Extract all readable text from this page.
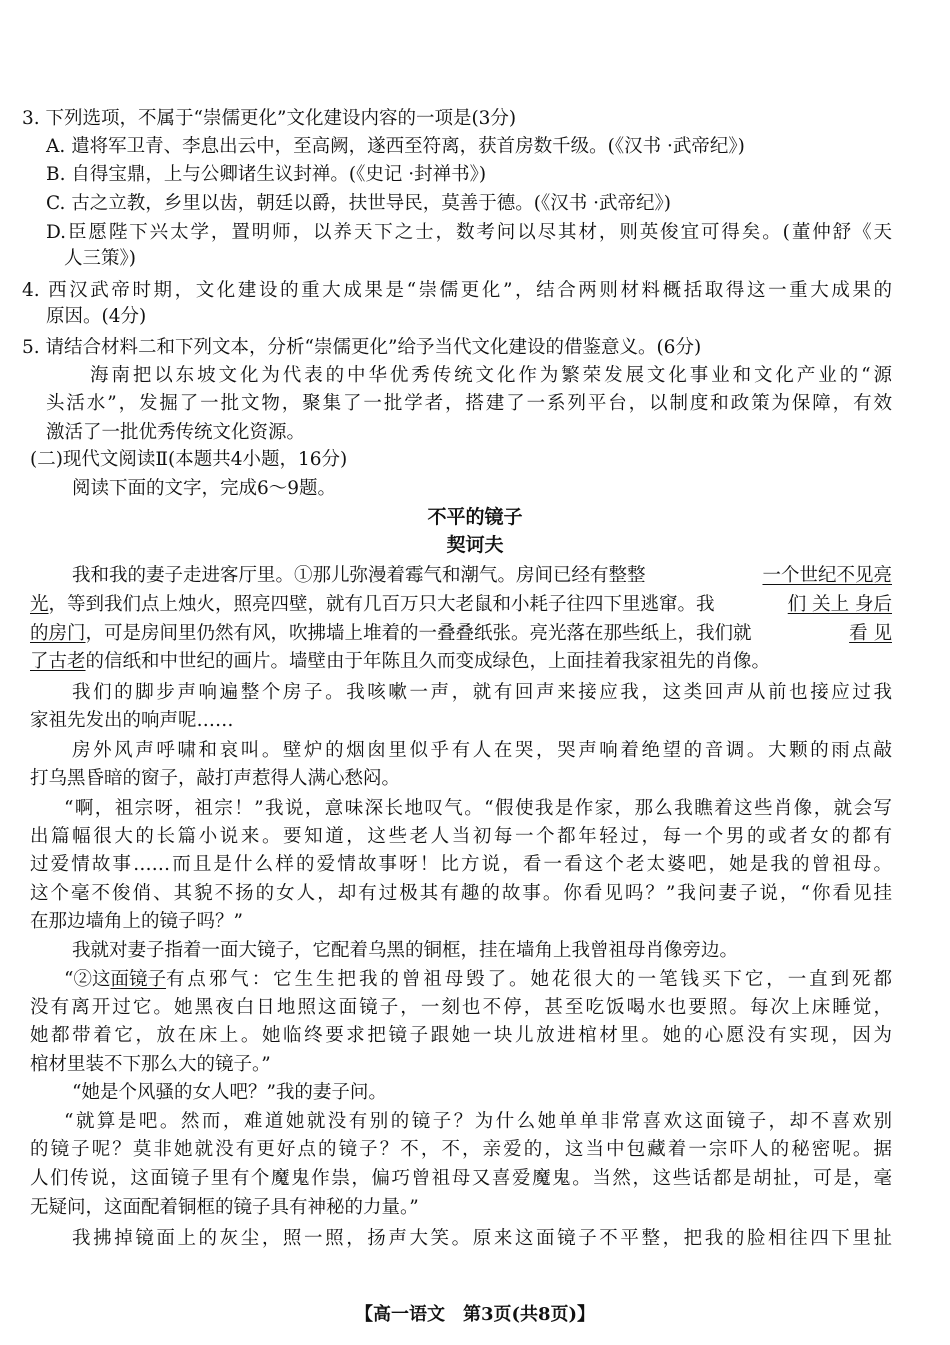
3. 下列选项，不属于“崇儒更化”文化建设内容的一项是(3分)
A. 遣将军卫青、李息出云中，至高阙，遂西至符离，获首房数千级。(《汉书 ·武帝纪》)
B. 自得宝鼎，上与公卿诸生议封禅。(《史记 ·封禅书》)
C. 古之立教，乡里以齿，朝廷以爵，扶世导民，莫善于德。(《汉书 ·武帝纪》)
D.臣愿陛下兴太学，置明师，以养天下之士，数考问以尽其材，则英俊宜可得矣。(董仲舒《天
人三策》)
4. 西汉武帝时期，文化建设的重大成果是“崇儒更化”，结合两则材料概括取得这一重大成果的
原因。(4分)
5. 请结合材料二和下列文本，分析“崇儒更化”给予当代文化建设的借鉴意义。(6分)
海南把以东坡文化为代表的中华优秀传统文化作为繁荣发展文化事业和文化产业的“源
头活水”，发掘了一批文物，聚集了一批学者，搭建了一系列平台，以制度和政策为保障，有效
激活了一批优秀传统文化资源。
(二)现代文阅读Ⅱ(本题共4小题，16分)
阅读下面的文字，完成6～9题。
不平的镜子
契诃夫
我和我的妻子走进客厅里。①那儿弥漫着霉气和潮气。房间已经有整整	一个世纪不见亮
光 ，等到我们点上烛火，照亮四壁，就有几百万只大老鼠和小耗子往四下里逃窜。我	们 关上 身后
的房门 ，可是房间里仍然有风，吹拂墙上堆着的一叠叠纸张。亮光落在那些纸上，我们就	看 见
了古老的信纸和中世纪的画片。墙壁由于年陈且久而变成绿色，上面挂着我家祖先的肖像。
我们的脚步声响遍整个房子。我咳嗽一声，就有回声来接应我，这类回声从前也接应过我
家祖先发出的响声呢……
房外风声呼啸和哀叫。壁炉的烟囱里似乎有人在哭，哭声响着绝望的音调。大颗的雨点敲
打乌黑昏暗的窗子，敲打声惹得人满心愁闷。
“啊，祖宗呀，祖宗！”我说，意味深长地叹气。“假使我是作家，那么我瞧着这些肖像，就会写
出篇幅很大的长篇小说来。要知道，这些老人当初每一个都年轻过，每一个男的或者女的都有
过爱情故事……而且是什么样的爱情故事呀！比方说，看一看这个老太婆吧，她是我的曾祖母。
这个毫不俊俏、其貌不扬的女人，却有过极其有趣的故事。你看见吗？”我问妻子说，“你看见挂
在那边墙角上的镜子吗？”
我就对妻子指着一面大镜子，它配着乌黑的铜框，挂在墙角上我曾祖母肖像旁边。
“②这 面镜子 有点邪气：它生生把我的曾祖母毁了。她花很大的一笔钱买下它，一直到死都
没有离开过它。她黑夜白日地照这面镜子，一刻也不停，甚至吃饭喝水也要照。每次上床睡觉，
她都带着它，放在床上。她临终要求把镜子跟她一块儿放进棺材里。她的心愿没有实现，因为
棺材里装不下那么大的镜子。”
“她是个风骚的女人吧？”我的妻子问。
“就算是吧。然而，难道她就没有别的镜子？为什么她单单非常喜欢这面镜子，却不喜欢别
的镜子呢？莫非她就没有更好点的镜子？不，不，亲爱的，这当中包藏着一宗吓人的秘密呢。据
人们传说，这面镜子里有个魔鬼作祟，偏巧曾祖母又喜爱魔鬼。当然，这些话都是胡扯，可是，毫
无疑问，这面配着铜框的镜子具有神秘的力量。”
我拂掉镜面上的灰尘，照一照，扬声大笑。原来这面镜子不平整，把我的脸相往四下里扯
【高一语文　第3页(共8页)】
